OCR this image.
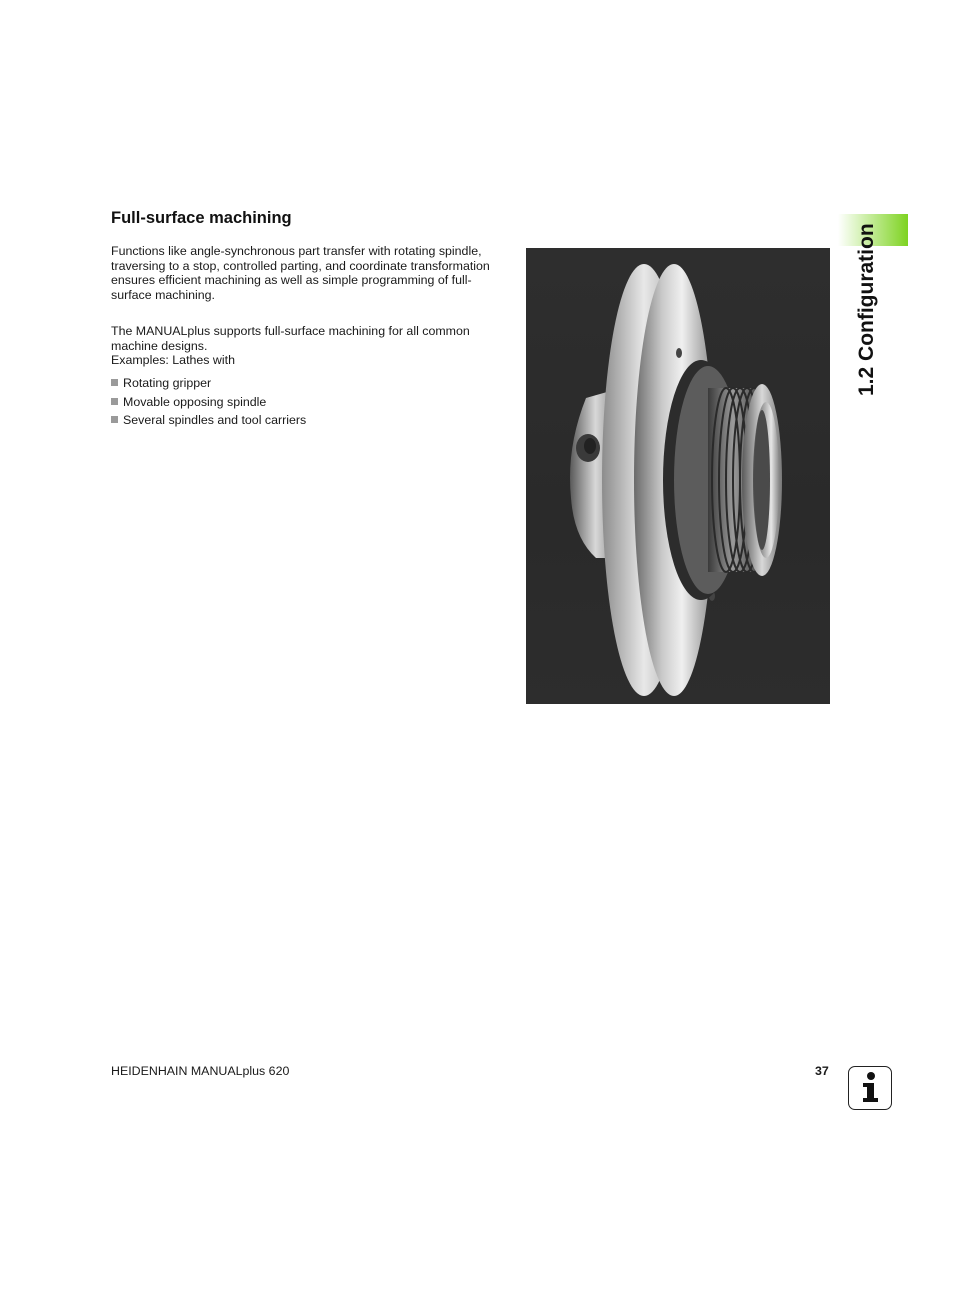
Full-surface machining

Functions like angle-synchronous part transfer with rotating spindle, traversing to a stop, controlled parting, and coordinate transformation ensures efficient machining as well as simple programming of full-surface machining.

The MANUALplus supports full-surface machining for all common machine designs.
Examples: Lathes with

Rotating gripper
Movable opposing spindle
Several spindles and tool carriers
1.2 Configuration
HEIDENHAIN MANUALplus 620	37
